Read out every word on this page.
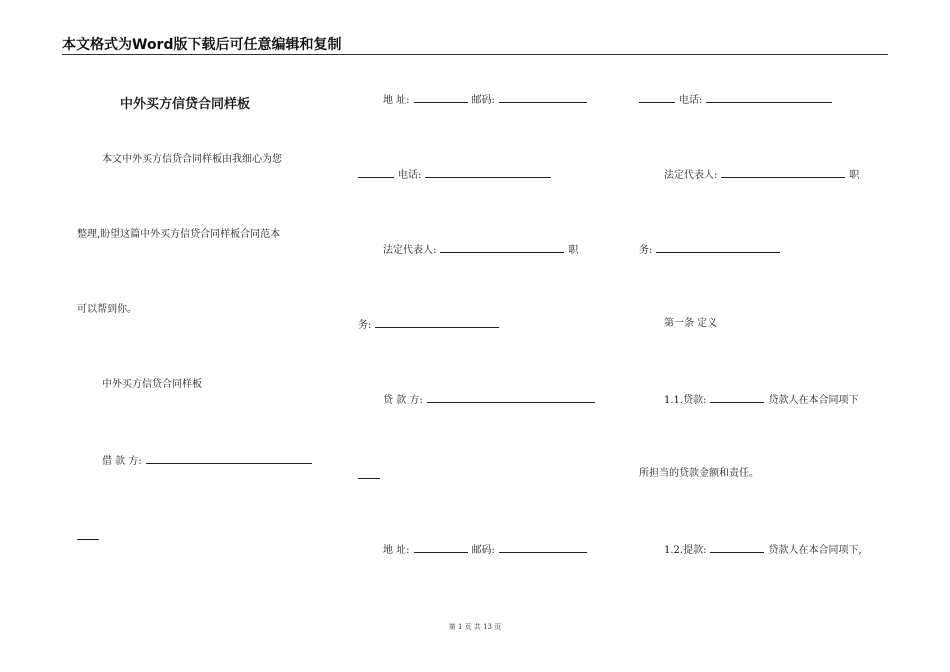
本文格式为Word版下载后可任意编辑和复制
中外买方信贷合同样板
本文中外买方信贷合同样板由我细心为您
整理,盼望这篇中外买方信贷合同样板合同范本
可以帮到你。
中外买方信贷合同样板
借 款 方:
地 址:	邮码:
电话:
法定代表人:	职
务:
贷 款 方:
地 址:	邮码:
电话:
法定代表人:	职
务:
第一条 定义
1.1.贷款:	贷款人在本合同项下
所担当的贷款金额和责任。
1.2.提款:	贷款人在本合同项下,
第 1 页 共 13 页
